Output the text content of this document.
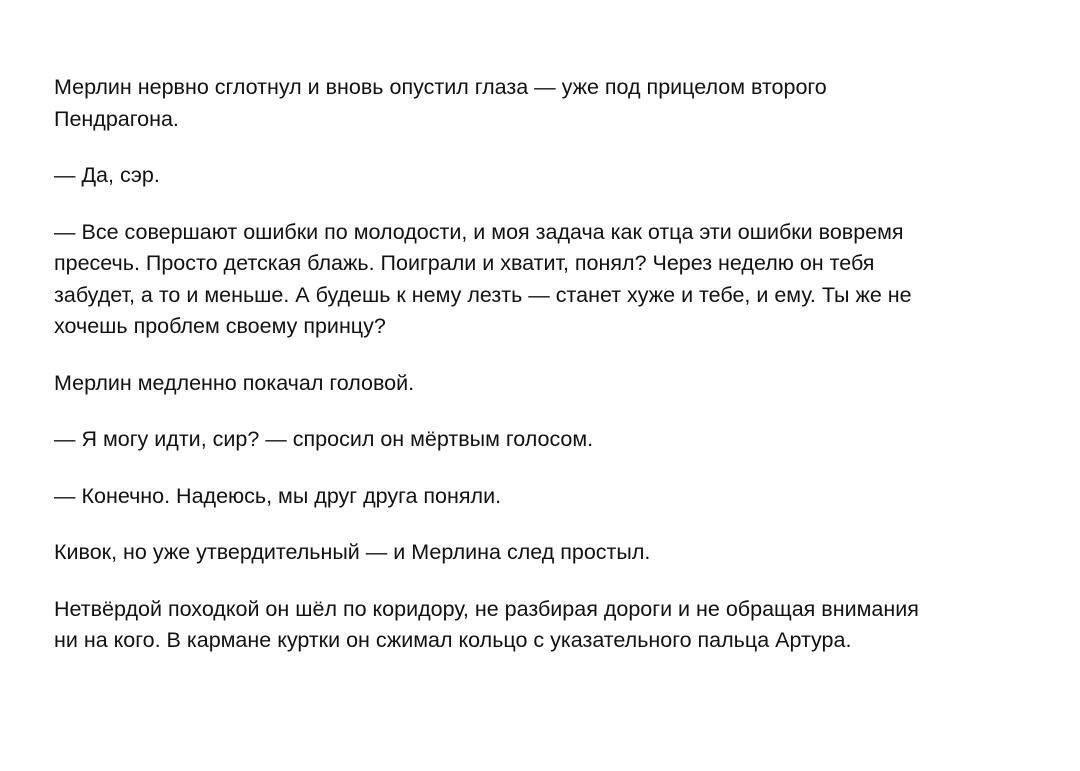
Мерлин нервно сглотнул и вновь опустил глаза — уже под прицелом второго
Пендрагона.

— Да, сэр.

— Все совершают ошибки по молодости, и моя задача как отца эти ошибки вовремя
пресечь. Просто детская блажь. Поиграли и хватит, понял? Через неделю он тебя
забудет, а то и меньше. А будешь к нему лезть — станет хуже и тебе, и ему. Ты же не
хочешь проблем своему принцу?

Мерлин медленно покачал головой.

— Я могу идти, сир? — спросил он мёртвым голосом.

— Конечно. Надеюсь, мы друг друга поняли.

Кивок, но уже утвердительный — и Мерлина след простыл.

Нетвёрдой походкой он шёл по коридору, не разбирая дороги и не обращая внимания
ни на кого. В кармане куртки он сжимал кольцо с указательного пальца Артура.
